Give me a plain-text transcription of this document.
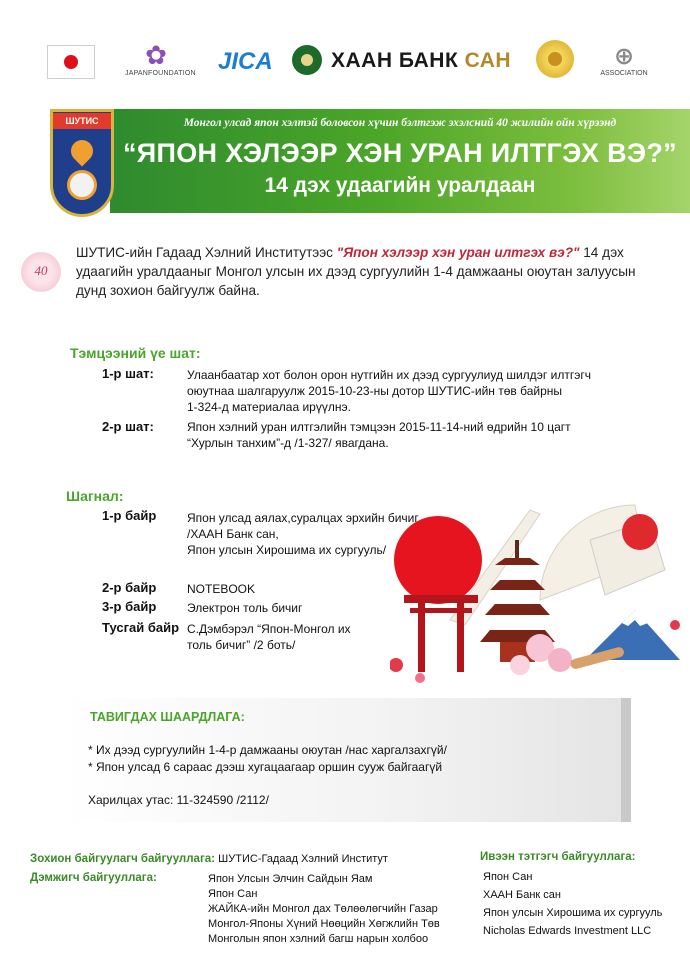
✿
JAPANFOUNDATION JICA	ХААН БАНК САН	⊕
ASSOCIATION
Монгол улсад япон хэлтэй боловсон хүчин бэлтгэж эхэлсний 40 жилийн ойн хүрээнд
“ЯПОН ХЭЛЭЭР ХЭН УРАН ИЛТГЭХ ВЭ?”
14 дэх удаагийн уралдаан
ШУТИС
40
ШУТИС-ийн Гадаад Хэлний Институтээс "Япон хэлээр хэн уран илтгэх вэ?" 14 дэх удаагийн уралдааныг Монгол улсын их дээд сургуулийн 1-4 дамжааны оюутан залуусын дунд зохион байгуулж байна.
Тэмцээний үе шат:
1-р шат:	Улаанбаатар хот болон орон нутгийн их дээд сургуулиуд шилдэг илтгэгч
оюутнаа шалгаруулж 2015-10-23-ны дотор ШУТИС-ийн төв байрны
1-324-д материалаа ирүүлнэ.
2-р шат:	Япон хэлний уран илтгэлийн тэмцээн 2015-11-14-ний өдрийн 10 цагт
“Хурлын танхим”-д /1-327/ явагдана.
Шагнал:
1-р байр	Япон улсад аялах,суралцах эрхийн бичиг
/ХААН Банк сан,
Япон улсын Хирошима их сургууль/
2-р байр	NOTEBOOK
3-р байр	Электрон толь бичиг
Тусгай байр С.Дэмбэрэл “Япон-Монгол их
толь бичиг” /2 боть/
ТАВИГДАХ ШААРДЛАГА:
* Их дээд сургуулийн 1-4-р дамжааны оюутан /нас харгалзахгүй/
* Япон улсад 6 сараас дээш хугацаагаар оршин сууж байгаагүй
Харилцах утас: 11-324590 /2112/
Зохион байгуулагч байгууллага: ШУТИС-Гадаад Хэлний Институт
Дэмжигч байгууллага:	Япон Улсын Элчин Сайдын Яам
Япон Сан
ЖАЙКА-ийн Монгол дах Төлөөлөгчийн Газар
Монгол-Японы Хүний Нөөцийн Хөгжлийн Төв
Монголын япон хэлний багш нарын холбоо
Ивээн тэтгэгч байгууллага:
Япон Сан
ХААН Банк сан
Япон улсын Хирошима их сургууль
Nicholas Edwards Investment LLC
